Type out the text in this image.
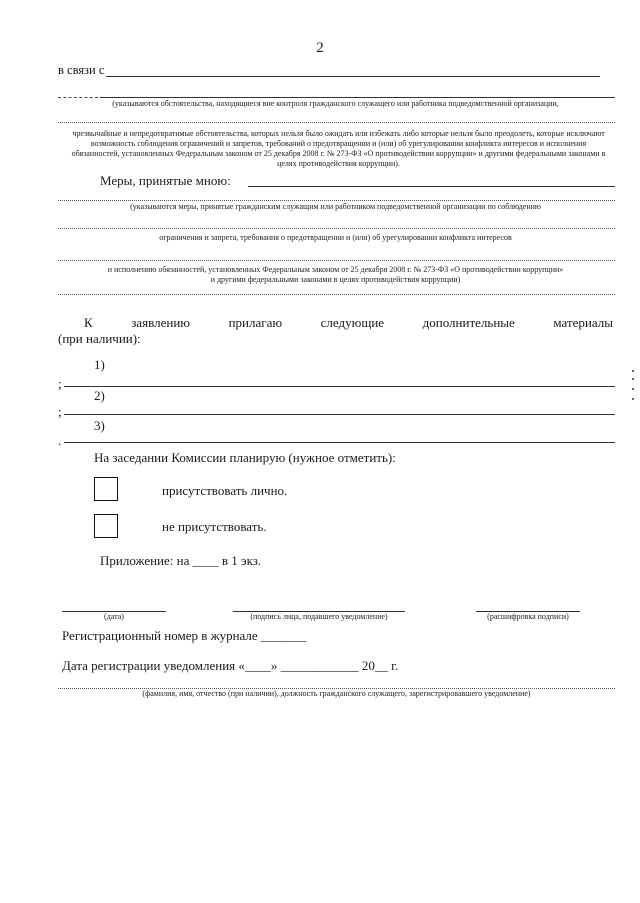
2
в связи с
(указываются обстоятельства, находящиеся вне контроля гражданского служащего или работника подведомственной организации,
чрезвычайные и непредотвратимые обстоятельства, которых нельзя было ожидать или избежать либо которые нельзя было преодолеть, которые исключают возможность соблюдения ограничений и запретов, требований о предотвращении и (или) об урегулировании конфликта интересов и исполнения обязанностей, установленных Федеральным законом от 25 декабря 2008 г. № 273-ФЗ «О противодействии коррупции» и другими федеральными законами в целях противодействия коррупции).
Меры, принятые мною:
(указываются меры, принятые гражданским служащим или работником подведомственной организации по соблюдению
ограничения и запрета, требования о предотвращении и (или) об урегулировании конфликта интересов
и исполнению обязанностей, установленных Федеральным законом от 25 декабря 2008 г. № 273-ФЗ «О противодействии коррупции»
и другими федеральными законами в целях противодействия коррупции)
К	заявлению	прилагаю	следующие	дополнительные	материалы
(при наличии):
1)
;
2)
;
3)
.
На заседании Комиссии планирую (нужное отметить):
присутствовать лично.
не присутствовать.
Приложение: на ____ в 1 экз.
(дата)	(подпись лица, подавшего уведомление)	(расшифровка подписи)
Регистрационный номер в журнале _______
Дата регистрации уведомления «____» ____________ 20__ г.
(фамилия, имя, отчество (при наличии), должность гражданского служащего, зарегистрировавшего уведомление)
